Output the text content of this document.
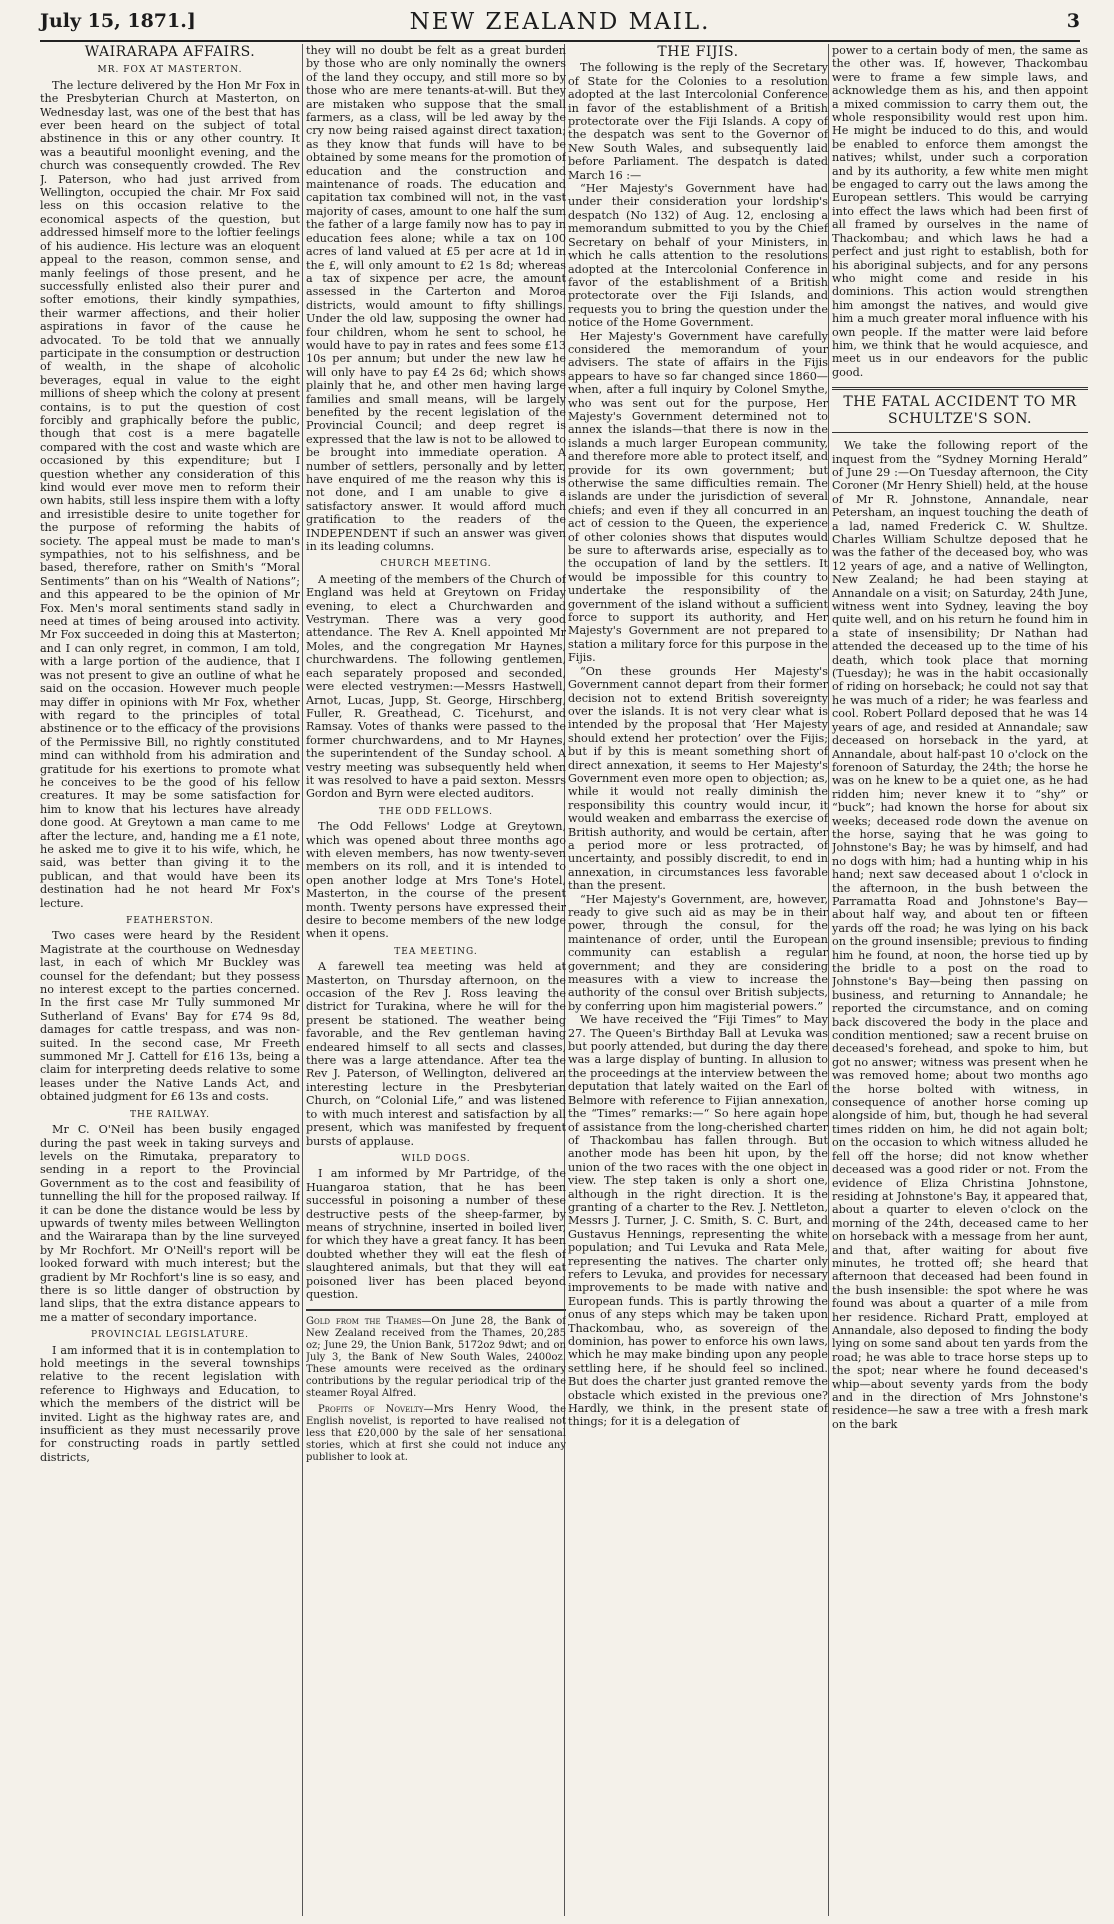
July 15, 1871.]	NEW ZEALAND MAIL.	3
WAIRARAPA AFFAIRS.
MR. FOX AT MASTERTON.

The lecture delivered by the Hon Mr Fox in the Presbyterian Church at Masterton, on Wednesday last, was one of the best that has ever been heard on the subject of total abstinence in this or any other country. It was a beautiful moonlight evening, and the church was consequently crowded. The Rev J. Paterson, who had just arrived from Wellington, occupied the chair. Mr Fox said less on this occasion relative to the economical aspects of the question, but addressed himself more to the loftier feelings of his audience. His lecture was an eloquent appeal to the reason, common sense, and manly feelings of those present, and he successfully enlisted also their purer and softer emotions, their kindly sympathies, their warmer affections, and their holier aspirations in favor of the cause he advocated. To be told that we annually participate in the consumption or destruction of wealth, in the shape of alcoholic beverages, equal in value to the eight millions of sheep which the colony at present contains, is to put the question of cost forcibly and graphically before the public, though that cost is a mere bagatelle compared with the cost and waste which are occasioned by this expenditure; but I question whether any consideration of this kind would ever move men to reform their own habits, still less inspire them with a lofty and irresistible desire to unite together for the purpose of reforming the habits of society. The appeal must be made to man's sympathies, not to his selfishness, and be based, therefore, rather on Smith's “Moral Sentiments” than on his “Wealth of Nations”; and this appeared to be the opinion of Mr Fox. Men's moral sentiments stand sadly in need at times of being aroused into activity. Mr Fox succeeded in doing this at Masterton; and I can only regret, in common, I am told, with a large portion of the audience, that I was not present to give an outline of what he said on the occasion. However much people may differ in opinions with Mr Fox, whether with regard to the principles of total abstinence or to the efficacy of the provisions of the Permissive Bill, no rightly constituted mind can withhold from his admiration and gratitude for his exertions to promote what he conceives to be the good of his fellow creatures. It may be some satisfaction for him to know that his lectures have already done good. At Greytown a man came to me after the lecture, and, handing me a £1 note, he asked me to give it to his wife, which, he said, was better than giving it to the publican, and that would have been its destination had he not heard Mr Fox's lecture.

FEATHERSTON.

Two cases were heard by the Resident Magistrate at the courthouse on Wednesday last, in each of which Mr Buckley was counsel for the defendant; but they possess no interest except to the parties concerned. In the first case Mr Tully summoned Mr Sutherland of Evans' Bay for £74 9s 8d, damages for cattle trespass, and was non-suited. In the second case, Mr Freeth summoned Mr J. Cattell for £16 13s, being a claim for interpreting deeds relative to some leases under the Native Lands Act, and obtained judgment for £6 13s and costs.

THE RAILWAY.

Mr C. O'Neil has been busily engaged during the past week in taking surveys and levels on the Rimutaka, preparatory to sending in a report to the Provincial Government as to the cost and feasibility of tunnelling the hill for the proposed railway. If it can be done the distance would be less by upwards of twenty miles between Wellington and the Wairarapa than by the line surveyed by Mr Rochfort. Mr O'Neill's report will be looked forward with much interest; but the gradient by Mr Rochfort's line is so easy, and there is so little danger of obstruction by land slips, that the extra distance appears to me a matter of secondary importance.

PROVINCIAL LEGISLATURE.

I am informed that it is in contemplation to hold meetings in the several townships relative to the recent legislation with reference to Highways and Education, to which the members of the district will be invited. Light as the highway rates are, and insufficient as they must necessarily prove for constructing roads in partly settled districts,

they will no doubt be felt as a great burden by those who are only nominally the owners of the land they occupy, and still more so by those who are mere tenants-at-will. But they are mistaken who suppose that the small farmers, as a class, will be led away by the cry now being raised against direct taxation; as they know that funds will have to be obtained by some means for the promotion of education and the construction and maintenance of roads. The education and capitation tax combined will not, in the vast majority of cases, amount to one half the sum the father of a large family now has to pay in education fees alone; while a tax on 100 acres of land valued at £5 per acre at 1d in the £, will only amount to £2 1s 8d; whereas a tax of sixpence per acre, the amount assessed in the Carterton and Moroa districts, would amount to fifty shillings. Under the old law, supposing the owner had four children, whom he sent to school, he would have to pay in rates and fees some £13 10s per annum; but under the new law he will only have to pay £4 2s 6d; which shows plainly that he, and other men having large families and small means, will be largely benefited by the recent legislation of the Provincial Council; and deep regret is expressed that the law is not to be allowed to be brought into immediate operation. A number of settlers, personally and by letter, have enquired of me the reason why this is not done, and I am unable to give a satisfactory answer. It would afford much gratification to the readers of the INDEPENDENT if such an answer was given in its leading columns.

CHURCH MEETING.

A meeting of the members of the Church of England was held at Greytown on Friday evening, to elect a Churchwarden and Vestryman. There was a very good attendance. The Rev A. Knell appointed Mr Moles, and the congregation Mr Haynes, churchwardens. The following gentlemen, each separately proposed and seconded, were elected vestrymen:—Messrs Hastwell, Arnot, Lucas, Jupp, St. George, Hirschberg, Fuller, R. Greathead, C. Ticehurst, and Ramsay. Votes of thanks were passed to the former churchwardens, and to Mr Haynes, the superintendent of the Sunday school. A vestry meeting was subsequently held when it was resolved to have a paid sexton. Messrs Gordon and Byrn were elected auditors.

THE ODD FELLOWS.

The Odd Fellows' Lodge at Greytown, which was opened about three months ago with eleven members, has now twenty-seven members on its roll, and it is intended to open another lodge at Mrs Tone's Hotel, Masterton, in the course of the present month. Twenty persons have expressed their desire to become members of the new lodge when it opens.

TEA MEETING.

A farewell tea meeting was held at Masterton, on Thursday afternoon, on the occasion of the Rev J. Ross leaving the district for Turakina, where he will for the present be stationed. The weather being favorable, and the Rev gentleman having endeared himself to all sects and classes, there was a large attendance. After tea the Rev J. Paterson, of Wellington, delivered an interesting lecture in the Presbyterian Church, on “Colonial Life,” and was listened to with much interest and satisfaction by all present, which was manifested by frequent bursts of applause.

WILD DOGS.

I am informed by Mr Partridge, of the Huangaroa station, that he has been successful in poisoning a number of these destructive pests of the sheep-farmer, by means of strychnine, inserted in boiled liver, for which they have a great fancy. It has been doubted whether they will eat the flesh of slaughtered animals, but that they will eat poisoned liver has been placed beyond question.

Gold from the Thames—On June 28, the Bank of New Zealand received from the Thames, 20,285 oz; June 29, the Union Bank, 5172oz 9dwt; and on July 3, the Bank of New South Wales, 2400oz. These amounts were received as the ordinary contributions by the regular periodical trip of the steamer Royal Alfred.

Profits of Novelty—Mrs Henry Wood, the English novelist, is reported to have realised not less that £20,000 by the sale of her sensational stories, which at first she could not induce any publisher to look at.

THE FIJIS.

The following is the reply of the Secretary of State for the Colonies to a resolution adopted at the last Intercolonial Conference in favor of the establishment of a British protectorate over the Fiji Islands. A copy of the despatch was sent to the Governor of New South Wales, and subsequently laid before Parliament. The despatch is dated March 16 :—

“Her Majesty's Government have had under their consideration your lordship's despatch (No 132) of Aug. 12, enclosing a memorandum submitted to you by the Chief Secretary on behalf of your Ministers, in which he calls attention to the resolutions adopted at the Intercolonial Conference in favor of the establishment of a British protectorate over the Fiji Islands, and requests you to bring the question under the notice of the Home Government.

Her Majesty's Government have carefully considered the memorandum of your advisers. The state of affairs in the Fijis appears to have so far changed since 1860—when, after a full inquiry by Colonel Smythe, who was sent out for the purpose, Her Majesty's Government determined not to annex the islands—that there is now in the islands a much larger European community, and therefore more able to protect itself, and provide for its own government; but otherwise the same difficulties remain. The islands are under the jurisdiction of several chiefs; and even if they all concurred in an act of cession to the Queen, the experience of other colonies shows that disputes would be sure to afterwards arise, especially as to the occupation of land by the settlers. It would be impossible for this country to undertake the responsibility of the government of the island without a sufficient force to support its authority, and Her Majesty's Government are not prepared to station a military force for this purpose in the Fijis.

“On these grounds Her Majesty's Government cannot depart from their former decision not to extend British sovereignty over the islands. It is not very clear what is intended by the proposal that ‘Her Majesty should extend her protection’ over the Fijis; but if by this is meant something short of direct annexation, it seems to Her Majesty's Government even more open to objection; as, while it would not really diminish the responsibility this country would incur, it would weaken and embarrass the exercise of British authority, and would be certain, after a period more or less protracted, of uncertainty, and possibly discredit, to end in annexation, in circumstances less favorable than the present.

“Her Majesty's Government, are, however, ready to give such aid as may be in their power, through the consul, for the maintenance of order, until the European community can establish a regular government; and they are considering measures with a view to increase the authority of the consul over British subjects, by conferring upon him magisterial powers.”

We have received the “Fiji Times” to May 27. The Queen's Birthday Ball at Levuka was but poorly attended, but during the day there was a large display of bunting. In allusion to the proceedings at the interview between the deputation that lately waited on the Earl of Belmore with reference to Fijian annexation, the “Times” remarks:—“ So here again hope of assistance from the long-cherished charter of Thackombau has fallen through. But another mode has been hit upon, by the union of the two races with the one object in view. The step taken is only a short one, although in the right direction. It is the granting of a charter to the Rev. J. Nettleton, Messrs J. Turner, J. C. Smith, S. C. Burt, and Gustavus Hennings, representing the white population; and Tui Levuka and Rata Mele, representing the natives. The charter only refers to Levuka, and provides for necessary improvements to be made with native and European funds. This is partly throwing the onus of any steps which may be taken upon Thackombau, who, as sovereign of the dominion, has power to enforce his own laws, which he may make binding upon any people settling here, if he should feel so inclined. But does the charter just granted remove the obstacle which existed in the previous one? Hardly, we think, in the present state of things; for it is a delegation of

power to a certain body of men, the same as the other was. If, however, Thackombau were to frame a few simple laws, and acknowledge them as his, and then appoint a mixed commission to carry them out, the whole responsibility would rest upon him. He might be induced to do this, and would be enabled to enforce them amongst the natives; whilst, under such a corporation and by its authority, a few white men might be engaged to carry out the laws among the European settlers. This would be carrying into effect the laws which had been first of all framed by ourselves in the name of Thackombau; and which laws he had a perfect and just right to establish, both for his aboriginal subjects, and for any persons who might come and reside in his dominions. This action would strengthen him amongst the natives, and would give him a much greater moral influence with his own people. If the matter were laid before him, we think that he would acquiesce, and meet us in our endeavors for the public good.

THE FATAL ACCIDENT TO MR SCHULTZE'S SON.

We take the following report of the inquest from the “Sydney Morning Herald” of June 29 :—On Tuesday afternoon, the City Coroner (Mr Henry Shiell) held, at the house of Mr R. Johnstone, Annandale, near Petersham, an inquest touching the death of a lad, named Frederick C. W. Shultze. Charles William Schultze deposed that he was the father of the deceased boy, who was 12 years of age, and a native of Wellington, New Zealand; he had been staying at Annandale on a visit; on Saturday, 24th June, witness went into Sydney, leaving the boy quite well, and on his return he found him in a state of insensibility; Dr Nathan had attended the deceased up to the time of his death, which took place that morning (Tuesday); he was in the habit occasionally of riding on horseback; he could not say that he was much of a rider; he was fearless and cool. Robert Pollard deposed that he was 14 years of age, and resided at Annandale; saw deceased on horseback in the yard, at Annandale, about half-past 10 o'clock on the forenoon of Saturday, the 24th; the horse he was on he knew to be a quiet one, as he had ridden him; never knew it to “shy” or “buck”; had known the horse for about six weeks; deceased rode down the avenue on the horse, saying that he was going to Johnstone's Bay; he was by himself, and had no dogs with him; had a hunting whip in his hand; next saw deceased about 1 o'clock in the afternoon, in the bush between the Parramatta Road and Johnstone's Bay—about half way, and about ten or fifteen yards off the road; he was lying on his back on the ground insensible; previous to finding him he found, at noon, the horse tied up by the bridle to a post on the road to Johnstone's Bay—being then passing on business, and returning to Annandale; he reported the circumstance, and on coming back discovered the body in the place and condition mentioned; saw a recent bruise on deceased's forehead, and spoke to him, but got no answer; witness was present when he was removed home; about two months ago the horse bolted with witness, in consequence of another horse coming up alongside of him, but, though he had several times ridden on him, he did not again bolt; on the occasion to which witness alluded he fell off the horse; did not know whether deceased was a good rider or not. From the evidence of Eliza Christina Johnstone, residing at Johnstone's Bay, it appeared that, about a quarter to eleven o'clock on the morning of the 24th, deceased came to her on horseback with a message from her aunt, and that, after waiting for about five minutes, he trotted off; she heard that afternoon that deceased had been found in the bush insensible: the spot where he was found was about a quarter of a mile from her residence. Richard Pratt, employed at Annandale, also deposed to finding the body lying on some sand about ten yards from the road; he was able to trace horse steps up to the spot; near where he found deceased's whip—about seventy yards from the body and in the direction of Mrs Johnstone's residence—he saw a tree with a fresh mark on the bark
